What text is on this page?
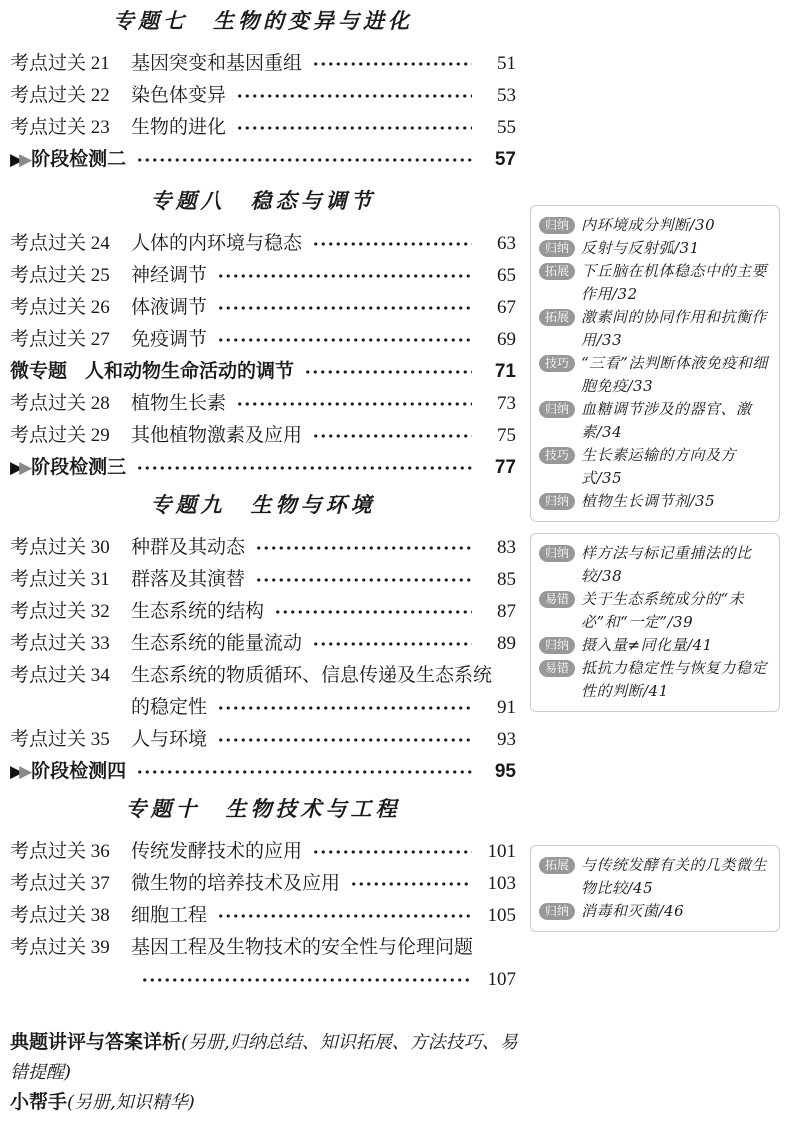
专题七　生物的变异与进化
考点过关 21	基因突变和基因重组	51
考点过关 22	染色体变异	53
考点过关 23	生物的进化	55
▶▶ 阶段检测二	57
专题八　稳态与调节
考点过关 24	人体的内环境与稳态	63
考点过关 25	神经调节	65
考点过关 26	体液调节	67
考点过关 27	免疫调节	69
微专题 人和动物生命活动的调节	71
考点过关 28	植物生长素	73
考点过关 29	其他植物激素及应用	75
▶▶ 阶段检测三	77
专题九　生物与环境
考点过关 30	种群及其动态	83
考点过关 31	群落及其演替	85
考点过关 32	生态系统的结构	87
考点过关 33	生态系统的能量流动	89
考点过关 34	生态系统的物质循环、信息传递及生态系统
的稳定性	91
考点过关 35	人与环境	93
▶▶ 阶段检测四	95
专题十　生物技术与工程
考点过关 36	传统发酵技术的应用	101
考点过关 37	微生物的培养技术及应用	103
考点过关 38	细胞工程	105
考点过关 39	基因工程及生物技术的安全性与伦理问题
107
归纳 内环境成分判断/30
归纳 反射与反射弧/31
拓展 下丘脑在机体稳态中的主要作用/32
拓展 激素间的协同作用和抗衡作用/33
技巧 “三看”法判断体液免疫和细胞免疫/33
归纳 血糖调节涉及的器官、激素/34
技巧 生长素运输的方向及方式/35
归纳 植物生长调节剂/35
归纳 样方法与标记重捕法的比较/38
易错 关于生态系统成分的“未必”和“一定”/39
归纳 摄入量≠同化量/41
易错 抵抗力稳定性与恢复力稳定性的判断/41
拓展 与传统发酵有关的几类微生物比较/45
归纳 消毒和灭菌/46
典题讲评与答案详析(另册,归纳总结、知识拓展、方法技巧、易错提醒)
小帮手(另册,知识精华)
